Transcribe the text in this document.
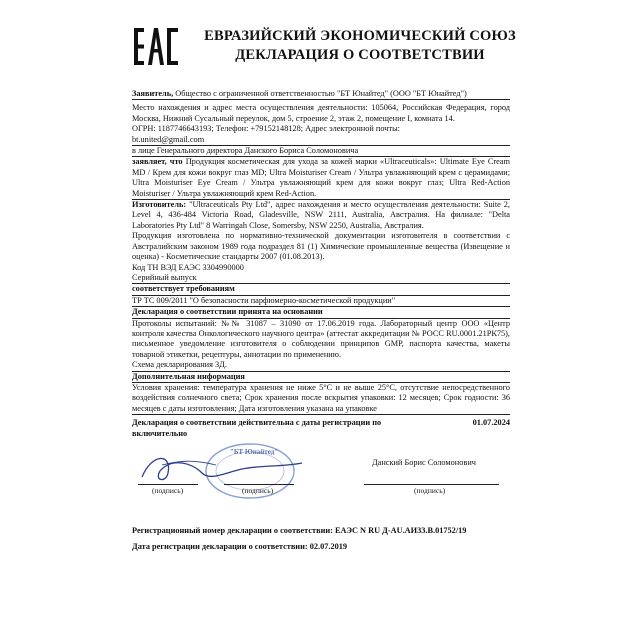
ЕВРАЗИЙСКИЙ ЭКОНОМИЧЕСКИЙ СОЮЗ
ДЕКЛАРАЦИЯ О СООТВЕТСТВИИ

Заявитель, Общество с ограниченной ответственностью "БТ Юнайтед" (ООО "БТ Юнайтед")

Место нахождения и адрес места осуществления деятельности: 105064, Российская Федерация, город Москва, Нижний Сусальный переулок, дом 5, строение 2, этаж 2, помещение I, комната 14.

ОГРН: 1187746643193; Телефон: +79152148128; Адрес электронной почты:

bt.united@gmail.com

в лице Генерального директора Данского Бориса Соломоновича

заявляет, что Продукция косметическая для ухода за кожей марки «Ultraceuticals»: Ultimate Eye Cream MD / Крем для кожи вокруг глаз MD; Ultra Moisturiser Cream / Ультра увлажняющий крем с церамидами; Ultra Moisturiser Eye Cream / Ультра увлажняющий крем для кожи вокруг глаз; Ultra Red-Action Moisturiser / Ультра увлажняющий крем Red-Action.

Изготовитель: "Ultraceuticals Pty Ltd", адрес нахождения и место осуществления деятельности: Suite 2, Level 4, 436-484 Victoria Road, Gladesville, NSW 2111, Australia, Австралия. На филиале: "Delta Laboratories Pty Ltd" 8 Warringah Close, Somersby, NSW 2250, Australia, Австралия.

Продукция изготовлена по нормативно-технической документации изготовителя в соответствии с Австралийским законом 1989 года подраздел 81 (1) Химические промышленные вещества (Извещение и оценка) - Косметические стандарты 2007 (01.08.2013).

Код ТН ВЭД ЕАЭС 3304990000

Серийный выпуск

соответствует требованиям

ТР ТС 009/2011 "О безопасности парфюмерно-косметической продукции"

Декларация о соответствии принята на основании

Протоколы испытаний: №№ 31087 – 31090 от 17.06.2019 года. Лабораторный центр ООО «Центр контроля качества Онкологического научного центра» (аттестат аккредитации № РОСС RU.0001.21РК75), письменное уведомление изготовителя о соблюдении принципов GMP, паспорта качества, макеты товарной этикетки, рецептуры, аннотации по применению.

Схема декларирования 3Д.

Дополнительная информация

Условия хранения: температура хранения не ниже 5°С и не выше 25°С, отсутствие непосредственного воздействия солнечного света; Срок хранения после вскрытия упаковки: 12 месяцев; Срок годности: 36 месяцев с даты изготовления; Дата изготовления указана на упаковке

Декларация о соответствии действительна с даты регистрации по	01.07.2024

включительно

"БТ Юнайтед"
(подпись)	(подпись)
Данский Борис Соломонович
(подпись)

Регистрационный номер декларации о соответствии: ЕАЭС N RU Д-AU.АИ33.В.01752/19

Дата регистрации декларации о соответствии: 02.07.2019
